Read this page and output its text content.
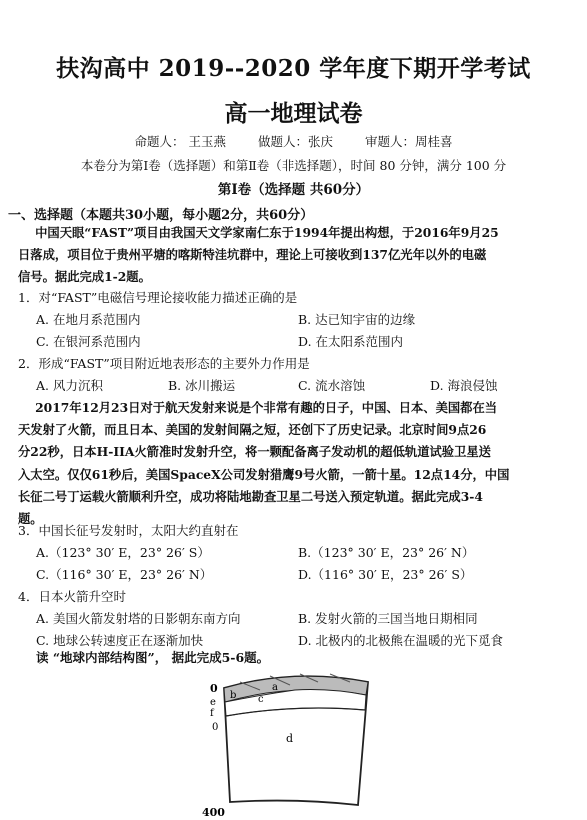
扶沟高中 2019--2020 学年度下期开学考试
高一地理试卷
命题人： 王玉燕	做题人：张庆	审题人：周桂喜
本卷分为第Ⅰ卷（选择题）和第Ⅱ卷（非选择题），时间 80 分钟，满分 100 分
第Ⅰ卷（选择题 共60分）
一、选择题（本题共30小题，每小题2分，共60分）
中国天眼“FAST”项目由我国天文学家南仁东于1994年提出构想，于2016年9月25
日落成，项目位于贵州平塘的喀斯特洼坑群中，理论上可接收到137亿光年以外的电磁
信号。据此完成1-2题。
1．对“FAST”电磁信号理论接收能力描述正确的是
A. 在地月系范围内	B. 达已知宇宙的边缘
C. 在银河系范围内	D. 在太阳系范围内
2．形成“FAST”项目附近地表形态的主要外力作用是
A. 风力沉积	B. 冰川搬运	C. 流水溶蚀	D. 海浪侵蚀
2017年12月23日对于航天发射来说是个非常有趣的日子，中国、日本、美国都在当
天发射了火箭，而且日本、美国的发射间隔之短，还创下了历史记录。北京时间9点26
分22秒，日本H-IIA火箭准时发射升空，将一颗配备离子发动机的超低轨道试验卫星送
入太空。仅仅61秒后，美国SpaceX公司发射猎鹰9号火箭，一箭十星。12点14分，中国
长征二号丁运载火箭顺利升空，成功将陆地勘查卫星二号送入预定轨道。据此完成3-4
题。
3．中国长征号发射时，太阳大约直射在
A.（123° 30′ E，23° 26′ S）	B.（123° 30′ E，23° 26′ N）
C.（116° 30′ E，23° 26′ N）	D.（116° 30′ E，23° 26′ S）
4．日本火箭升空时
A. 美国火箭发射塔的日影朝东南方向	B. 发射火箭的三国当地日期相同
C. 地球公转速度正在逐渐加快	D. 北极内的北极熊在温暖的光下觅食
读 “地球内部结构图”， 据此完成5-6题。
0
e
f
0
b c
a
d
400
